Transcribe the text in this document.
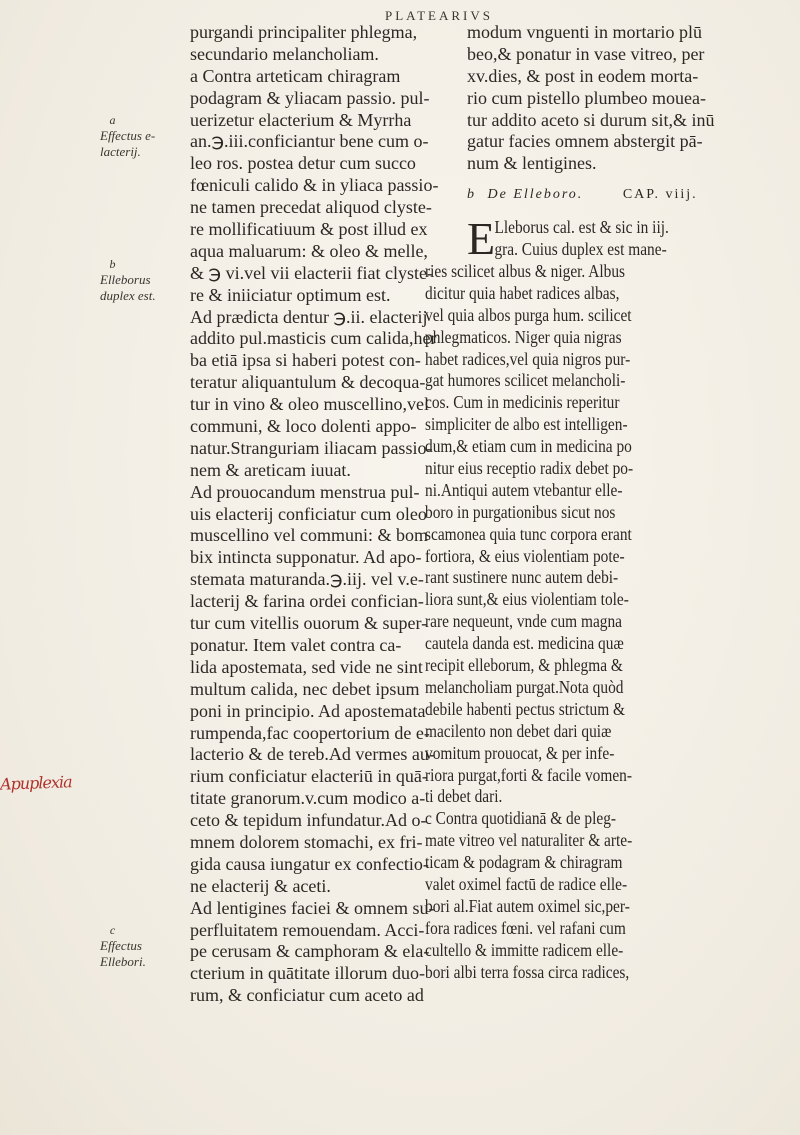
PLATEARIVS
a
Effectus e-
lacterij.
b
Elleborus
duplex est.
c
Effectus
Ellebori.
Apuplexia
purgandi principaliter phlegma,
secundario melancholiam.
a Contra arteticam chiragram
podagram & yliacam passio. pul-
uerizetur elacterium & Myrrha
an.℈.iii.conficiantur bene cum o-
leo ros. postea detur cum succo
fœniculi calido & in yliaca passio-
ne tamen precedat aliquod clyste-
re mollificatiuum & post illud ex
aqua maluarum: & oleo & melle,
& ℈ vi.vel vii elacterii fiat clyste-
re & iniiciatur optimum est.
Ad prædicta dentur ℈.ii. elacterij
addito pul.masticis cum calida,her
ba etiā ipsa si haberi potest con-
teratur aliquantulum & decoqua-
tur in vino & oleo muscellino,vel
communi, & loco dolenti appo-
natur.Stranguriam iliacam passio-
nem & areticam iuuat.
Ad prouocandum menstrua pul-
uis elacterij conficiatur cum oleo
muscellino vel communi: & bom
bix intincta supponatur. Ad apo-
stemata maturanda.℈.iij. vel v.e-
lacterij & farina ordei confician-
tur cum vitellis ouorum & super-
ponatur. Item valet contra ca-
lida apostemata, sed vide ne sint
multum calida, nec debet ipsum
poni in principio. Ad apostemata
rumpenda,fac coopertorium de e-
lacterio & de tereb.Ad vermes au-
rium conficiatur elacteriū in quā-
titate granorum.v.cum modico a-
ceto & tepidum infundatur.Ad o-
mnem dolorem stomachi, ex fri-
gida causa iungatur ex confectio-
ne elacterij & aceti.
Ad lentigines faciei & omnem su-
perfluitatem remouendam. Acci-
pe cerusam & camphoram & ela-
cterium in quātitate illorum duo-
rum, & conficiatur cum aceto ad
modum vnguenti in mortario plū
beo,& ponatur in vase vitreo, per
xv.dies, & post in eodem morta-
rio cum pistello plumbeo mouea-
tur addito aceto si durum sit,& inū
gatur facies omnem abstergit pā-
num & lentigines.
b De Elleboro.	CAP. viij.
E Llebοrus cal. est & sic in iij.
gra. Cuius duplex est mane-
ries scilicet albus & niger. Albus
dicitur quia habet radices albas,
vel quia albos purga hum. scilicet
phlegmaticos. Niger quia nigras
habet radices,vel quia nigros pur-
gat humores scilicet melancholi-
cos. Cum in medicinis reperitur
simpliciter de albo est intelligen-
dum,& etiam cum in medicina po
nitur eius receptio radix debet po-
ni.Antiqui autem vtebantur elle-
boro in purgationibus sicut nos
scamonea quia tunc corpora erant
fortiora, & eius violentiam pote-
rant sustinere nunc autem debi-
liora sunt,& eius violentiam tole-
rare nequeunt, vnde cum magna
cautela danda est. medicina quæ
recipit elleborum, & phlegma &
melancholiam purgat.Nota quòd
debile habenti pectus strictum &
macilento non debet dari quiæ
vomitum prouocat, & per infe-
riora purgat,forti & facile vomen-
ti debet dari.
c Contra quotidianā & de pleg-
mate vitreo vel naturaliter & arte-
ticam & podagram & chiragram
valet oximel factū de radice elle-
bori al.Fiat autem oximel sic,per-
fora radices fœni. vel rafani cum
cultello & immitte radicem elle-
bori albi terra fossa circa radices,
